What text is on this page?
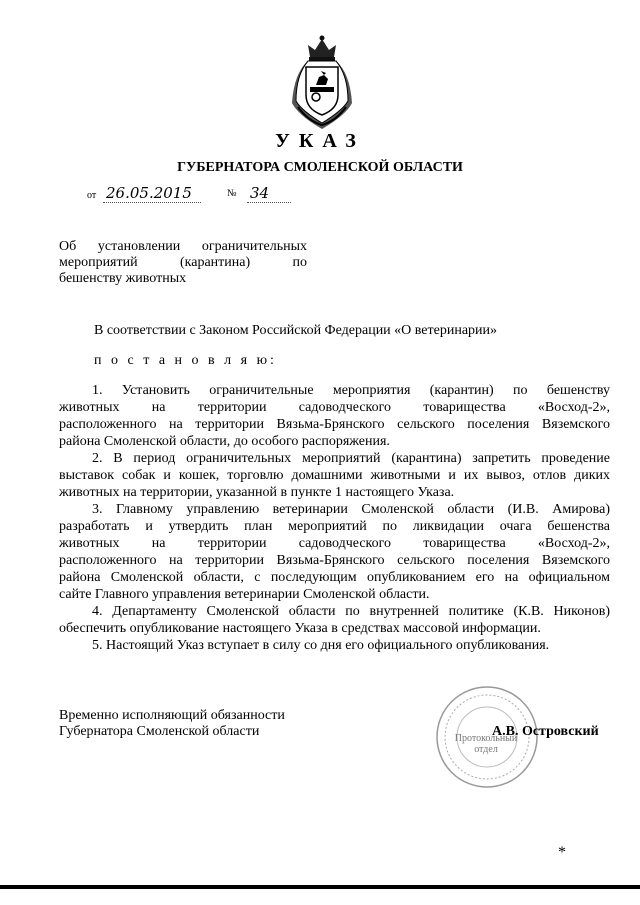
УКАЗ
ГУБЕРНАТОРА СМОЛЕНСКОЙ ОБЛАСТИ
от 26.05.2015	№ 34
Об установлении ограничительных
мероприятий (карантина) по
бешенству животных
В соответствии с Законом Российской Федерации «О ветеринарии»
п о с т а н о в л я ю:
1. Установить ограничительные мероприятия (карантин) по бешенству
животных на территории садоводческого товарищества «Восход-2»,
расположенного на территории Вязьма-Брянского сельского поселения Вяземского
района Смоленской области, до особого распоряжения.
2. В период ограничительных мероприятий (карантина) запретить проведение
выставок собак и кошек, торговлю домашними животными и их вывоз, отлов диких
животных на территории, указанной в пункте 1 настоящего Указа.
3. Главному управлению ветеринарии Смоленской области (И.В. Амирова)
разработать и утвердить план мероприятий по ликвидации очага бешенства
животных на территории садоводческого товарищества «Восход-2»,
расположенного на территории Вязьма-Брянского сельского поселения Вяземского
района Смоленской области, с последующим опубликованием его на официальном
сайте Главного управления ветеринарии Смоленской области.
4. Департаменту Смоленской области по внутренней политике (К.В. Никонов)
обеспечить опубликование настоящего Указа в средствах массовой информации.
5. Настоящий Указ вступает в силу со дня его официального опубликования.
Временно исполняющий обязанности
Губернатора Смоленской области	Протокольный
отдел
А.В. Островский
*
